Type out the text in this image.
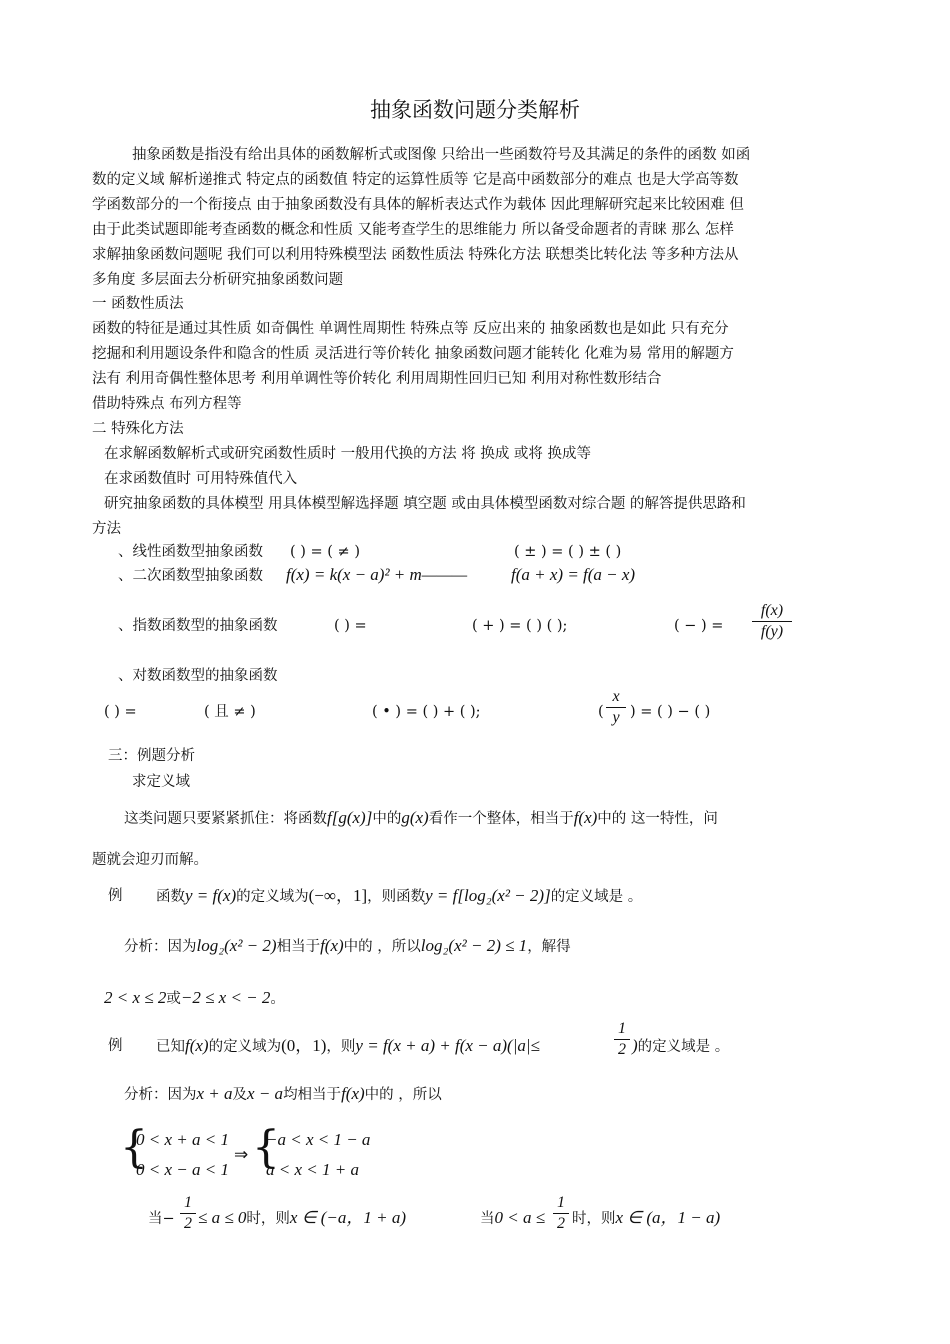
抽象函数问题分类解析
抽象函数是指没有给出具体的函数解析式或图像 只给出一些函数符号及其满足的条件的函数 如函
数的定义域 解析递推式 特定点的函数值 特定的运算性质等 它是高中函数部分的难点 也是大学高等数
学函数部分的一个衔接点 由于抽象函数没有具体的解析表达式作为载体 因此理解研究起来比较困难 但
由于此类试题即能考查函数的概念和性质 又能考查学生的思维能力 所以备受命题者的青睐 那么 怎样
求解抽象函数问题呢 我们可以利用特殊模型法 函数性质法 特殊化方法 联想类比转化法 等多种方法从
多角度 多层面去分析研究抽象函数问题
一 函数性质法
函数的特征是通过其性质 如奇偶性 单调性周期性 特殊点等 反应出来的 抽象函数也是如此 只有充分
挖掘和利用题设条件和隐含的性质 灵活进行等价转化 抽象函数问题才能转化 化难为易 常用的解题方
法有 利用奇偶性整体思考 利用单调性等价转化 利用周期性回归已知 利用对称性数形结合
借助特殊点 布列方程等
二 特殊化方法
在求解函数解析式或研究函数性质时 一般用代换的方法 将 换成 或将 换成等
在求函数值时 可用特殊值代入
研究抽象函数的具体模型 用具体模型解选择题 填空题 或由具体模型函数对综合题 的解答提供思路和
方法
、线性函数型抽象函数 ( ) = ( ≠ )	( ± ) = ( ) ± ( )
、二次函数型抽象函数 f(x) = k(x − a)² + m———	f(a + x) = f(a − x)
、指数函数型的抽象函数	( ) =	( + ) = ( ) ( );	( − ) =
f(x)
f(y)
、对数函数型的抽象函数
( ) =	( 且 ≠ )	( • ) = ( ) + ( );	(
x
y ) = ( ) − ( )
三：例题分析
求定义域
这类问题只要紧紧抓住：将函数f[g(x)]中的g(x)看作一个整体，相当于f(x)中的 这一特性，问
题就会迎刃而解。
例 函数y = f(x)的定义域为(−∞，1]，则函数y = f[log₂(x² − 2)]的定义域是 。
分析：因为log₂(x² − 2)相当于f(x)中的 ，所以log₂(x² − 2) ≤ 1，解得
2 < x ≤ 2或−2 ≤ x < − 2。
例 已知f(x)的定义域为(0，1)，则y = f(x + a) + f(x − a)(|a|≤
1
2 )的定义域是 。
分析：因为x + a及x − a均相当于f(x)中的 ，所以
{
0 < x + a < 1
0 < x − a < 1
⇒ {
−a < x < 1 − a
a < x < 1 + a
当−
1
2 ≤ a ≤ 0时，则x ∈ (−a，1 + a)	当0 < a ≤
1
2 时，则x ∈ (a，1 − a)
